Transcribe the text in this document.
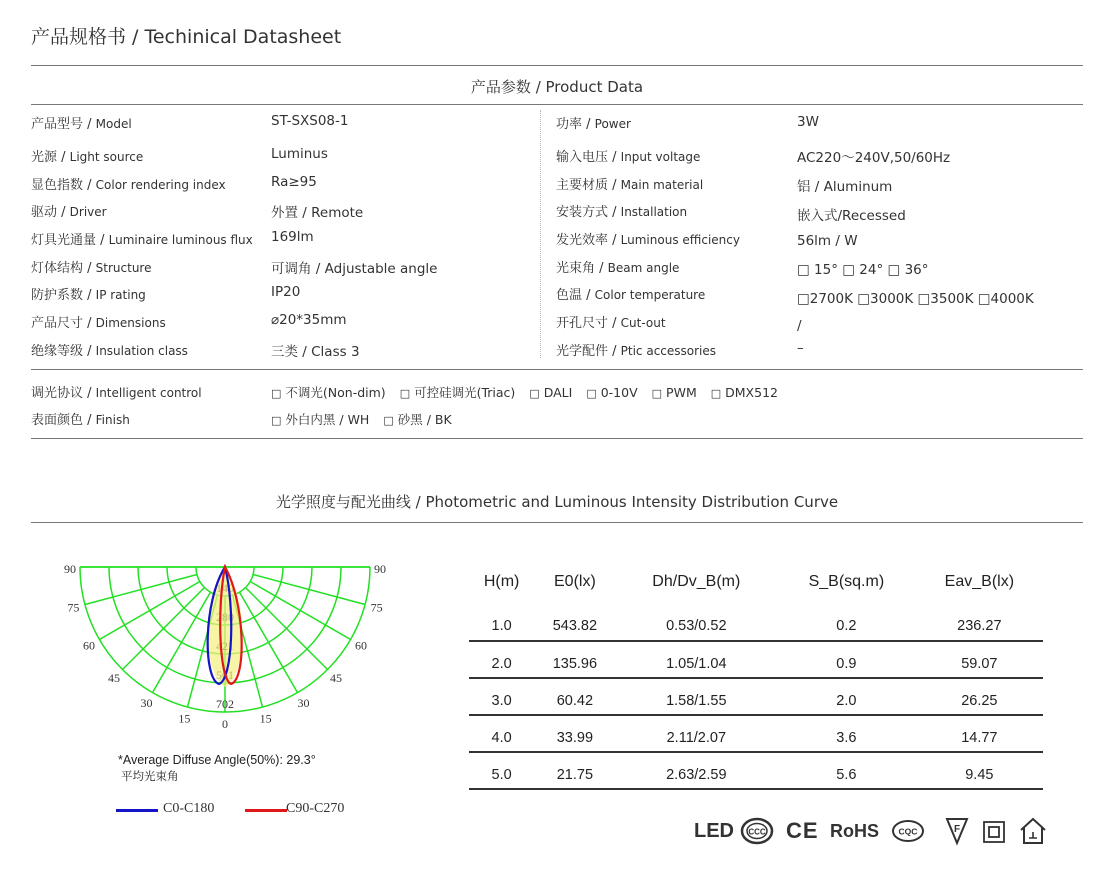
产品规格书 / Techinical Datasheet
产品参数 / Product Data
产品型号 / Model	ST-SXS08-1
光源 / Light source	Luminus
显色指数 / Color rendering index	Ra≥95
驱动 / Driver	外置 / Remote
灯具光通量 / Luminaire luminous flux 169lm
灯体结构 / Structure	可调角 / Adjustable angle
防护系数 / IP rating	IP20
产品尺寸 / Dimensions	⌀20*35mm
绝缘等级 / Insulation class	三类 / Class 3
功率 / Power	3W
输入电压 / Input voltage	AC220～240V,50/60Hz
主要材质 / Main material	铝 / Aluminum
安装方式 / Installation	嵌入式/Recessed
发光效率 / Luminous efficiency	56lm / W
光束角 / Beam angle	□ 15° □ 24° □ 36°
色温 / Color temperature	□2700K □3000K □3500K □4000K
开孔尺寸 / Cut-out	/
光学配件 / Ptic accessories	–
调光协议 / Intelligent control	□ 不调光(Non-dim) □ 可控硅调光(Triac) □ DALI □ 0-10V □ PWM □ DMX512
表面颜色 / Finish	□ 外白内黑 / WH □ 砂黑 / BK
光学照度与配光曲线 / Photometric and Luminous Intensity Distribution Curve
90
75
60
45
30
15	0	15
30
45
60
75
90
702
*Average Diffuse Angle(50%): 29.3°
平均光束角
C0-C180	C90-C270
H(m)	E0(lx)	Dh/Dv_B(m)	S_B(sq.m)	Eav_B(lx)
1.0	543.82	0.53/0.52	0.2	236.27
2.0	135.96	1.05/1.04	0.9	59.07
3.0	60.42	1.58/1.55	2.0	26.25
4.0	33.99	2.11/2.07	3.6	14.77
5.0	21.75	2.63/2.59	5.6	9.45
LED CCC CE RoHS CQC	F
